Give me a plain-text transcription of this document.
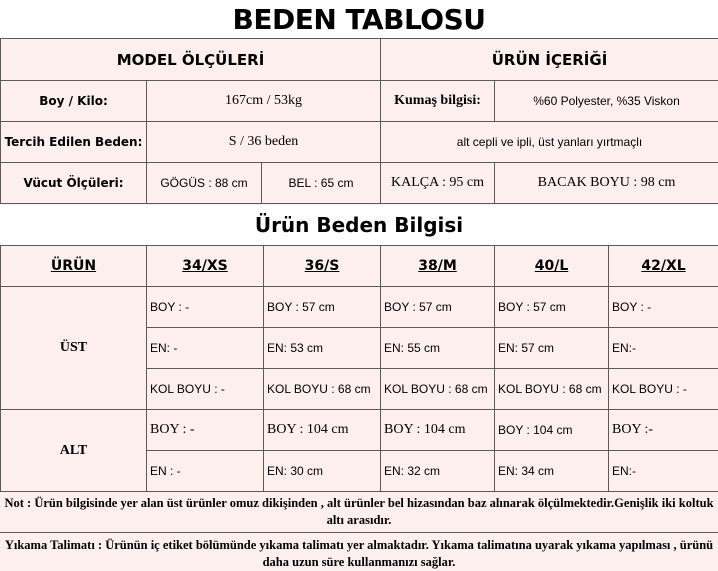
BEDEN TABLOSU
MODEL ÖLÇÜLERİ			ÜRÜN İÇERİĞİ	
Boy / Kilo:	167cm / 53kg		Kumaş bilgisi:	%60 Polyester, %35 Viskon
Tercih Edilen Beden:	S / 36 beden		alt cepli ve ipli, üst yanları yırtmaçlı	
Vücut Ölçüleri:	GÖGÜS : 88 cm	BEL : 65 cm	KALÇA : 95 cm	BACAK BOYU : 98 cm
Ürün Beden Bilgisi
ÜRÜN	34/XS	36/S	38/M	40/L	42/XL
ÜST	BOY : -	BOY : 57 cm	BOY : 57 cm	BOY : 57 cm	BOY : -
	EN: -	EN: 53 cm	EN: 55 cm	EN: 57 cm	EN:-
	KOL BOYU : -	KOL BOYU : 68 cm	KOL BOYU : 68 cm	KOL BOYU : 68 cm	KOL BOYU : -
ALT	BOY : -	BOY : 104 cm	BOY : 104 cm	BOY : 104 cm	BOY :-
	EN : -	EN: 30 cm	EN: 32 cm	EN: 34 cm	EN:-
Not : Ürün bilgisinde yer alan üst ürünler omuz dikişinden , alt ürünler bel hizasından baz alınarak ölçülmektedir.Genişlik iki koltuk altı arasıdır.
Yıkama Talimatı : Ürünün iç etiket bölümünde yıkama talimatı yer almaktadır. Yıkama talimatına uyarak yıkama yapılması , ürünü daha uzun süre kullanmanızı sağlar.
